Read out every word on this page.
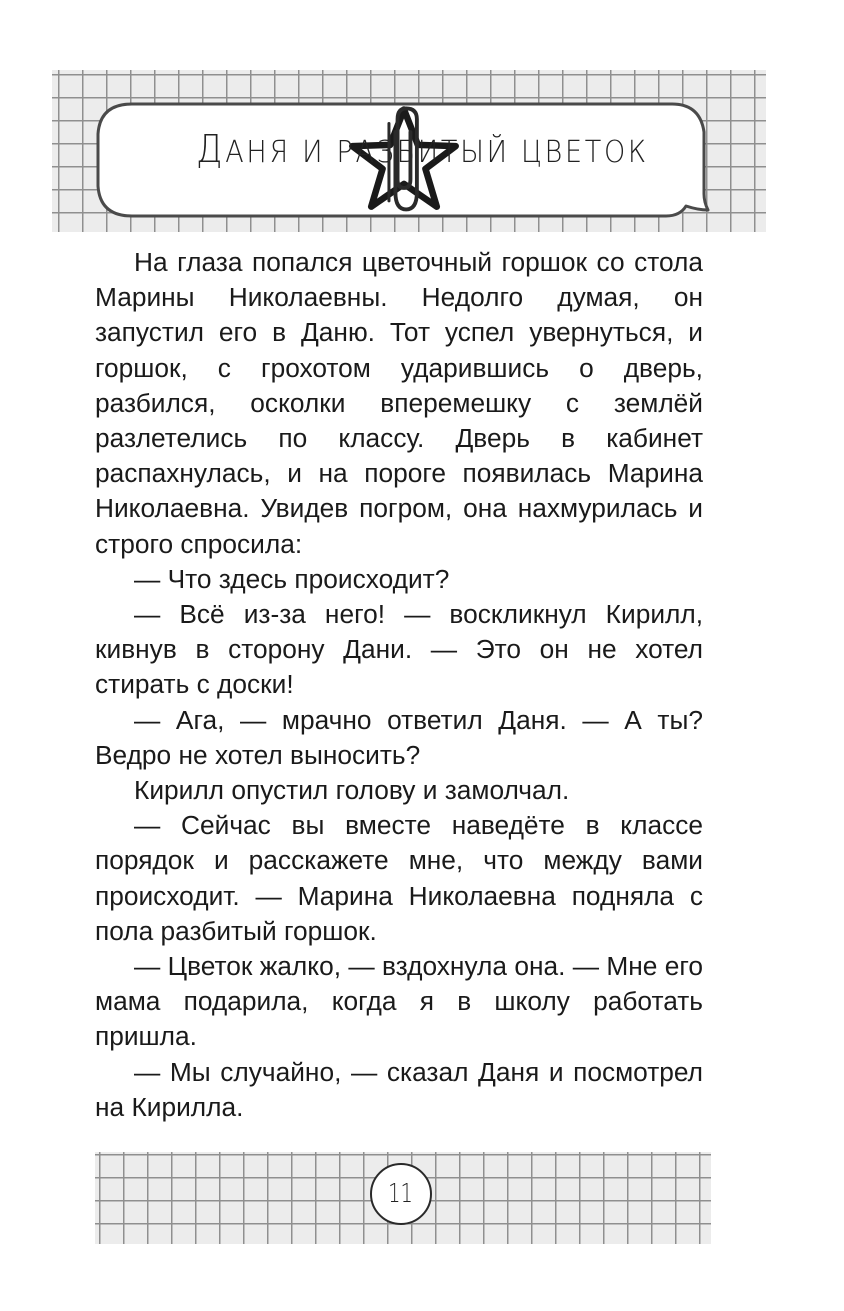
ДАНЯ И РАЗБИТЫЙ ЦВЕТОК

На глаза попался цветочный горшок со стола Марины Николаевны. Недолго думая, он запустил его в Даню. Тот успел увернуться, и горшок, с грохотом ударившись о дверь, разбился, осколки вперемешку с землёй разлетелись по классу. Дверь в кабинет распахнулась, и на пороге появилась Марина Николаевна. Увидев погром, она нахмурилась и строго спросила:

— Что здесь происходит?

— Всё из-за него! — воскликнул Кирилл, кивнув в сторону Дани. — Это он не хотел стирать с доски!

— Ага, — мрачно ответил Даня. — А ты? Ведро не хотел выносить?

Кирилл опустил голову и замолчал.

— Сейчас вы вместе наведёте в классе порядок и расскажете мне, что между вами происходит. — Марина Николаевна подняла с пола разбитый горшок.

— Цветок жалко, — вздохнула она. — Мне его мама подарила, когда я в школу работать пришла.

— Мы случайно, — сказал Даня и посмотрел на Кирилла.

11
